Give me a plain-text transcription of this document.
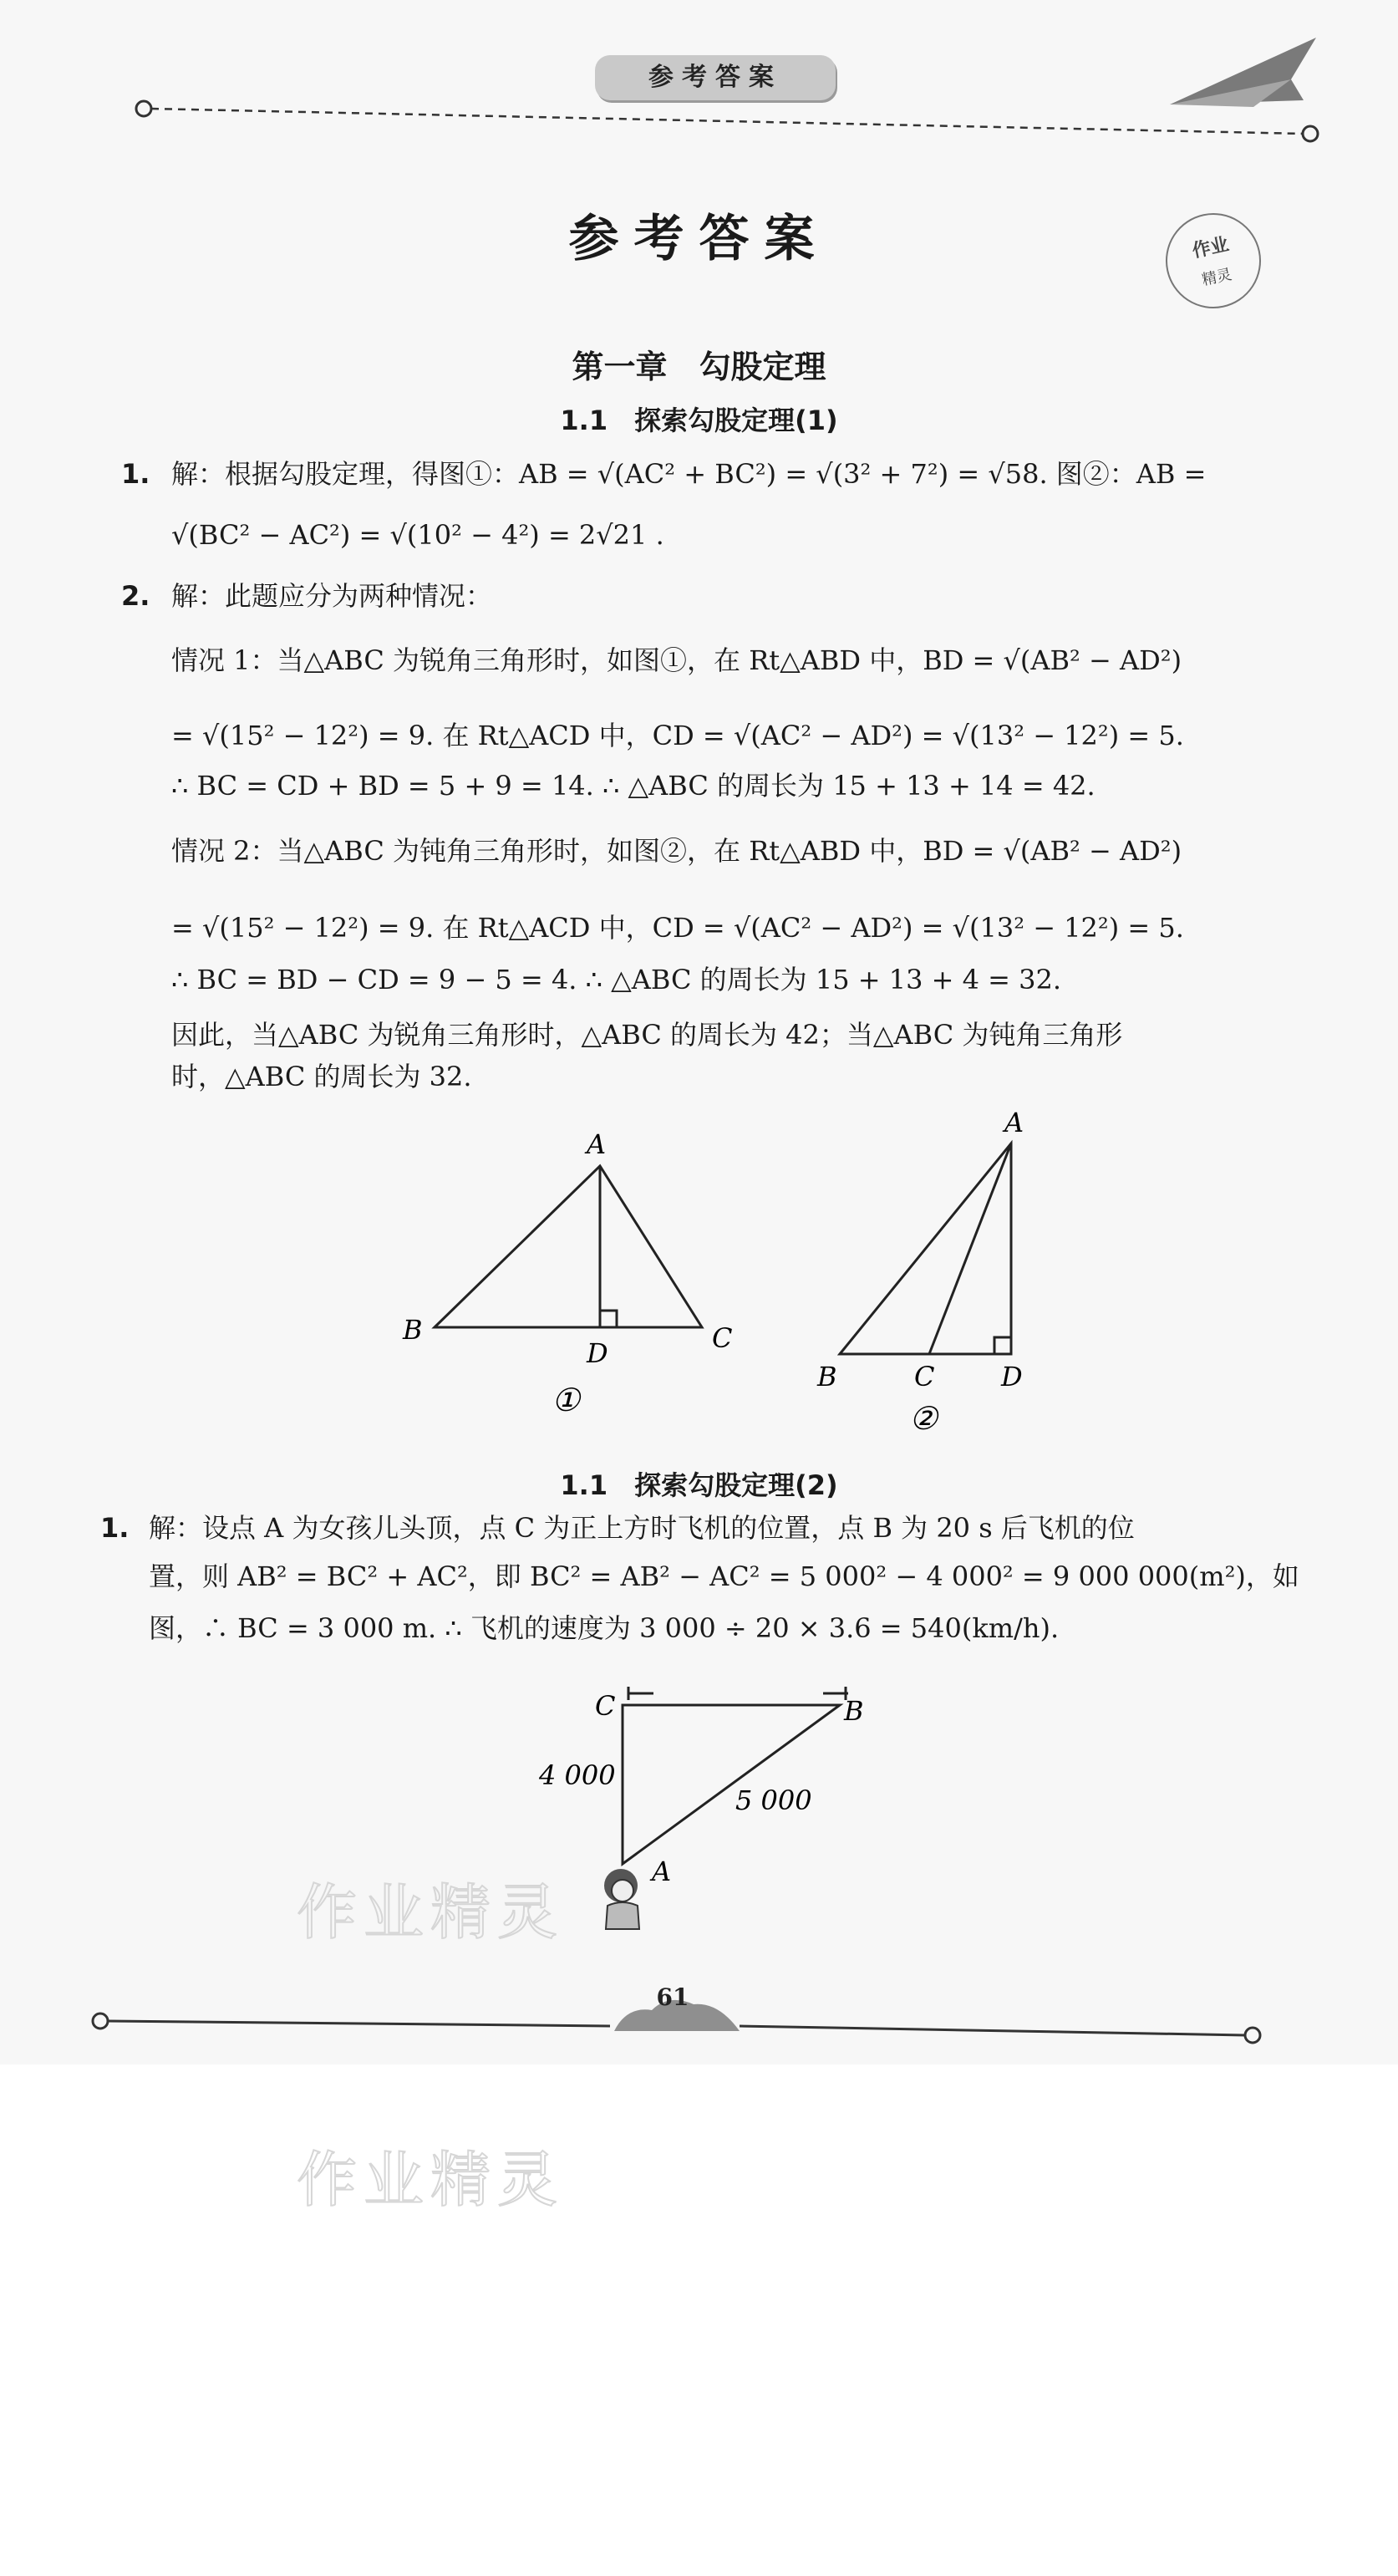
参考答案
参考答案	作业
精灵
第一章　勾股定理
1.1　探索勾股定理(1)
1. 解：根据勾股定理，得图①：AB = √(AC² + BC²) = √(3² + 7²) = √58. 图②：AB =
√(BC² − AC²) = √(10² − 4²) = 2√21 .
2. 解：此题应分为两种情况：
情况 1：当△ABC 为锐角三角形时，如图①，在 Rt△ABD 中，BD = √(AB² − AD²)
= √(15² − 12²) = 9. 在 Rt△ACD 中，CD = √(AC² − AD²) = √(13² − 12²) = 5.
∴ BC = CD + BD = 5 + 9 = 14. ∴ △ABC 的周长为 15 + 13 + 14 = 42.
情况 2：当△ABC 为钝角三角形时，如图②，在 Rt△ABD 中，BD = √(AB² − AD²)
= √(15² − 12²) = 9. 在 Rt△ACD 中，CD = √(AC² − AD²) = √(13² − 12²) = 5.
∴ BC = BD − CD = 9 − 5 = 4. ∴ △ABC 的周长为 15 + 13 + 4 = 32.
因此，当△ABC 为锐角三角形时，△ABC 的周长为 42；当△ABC 为钝角三角形
时，△ABC 的周长为 32.
A
B	C
D
①
A
B	C D
②
1.1　探索勾股定理(2)
1. 解：设点 A 为女孩儿头顶，点 C 为正上方时飞机的位置，点 B 为 20 s 后飞机的位
置，则 AB² = BC² + AC²，即 BC² = AB² − AC² = 5 000² − 4 000² = 9 000 000(m²)，如
图，∴ BC = 3 000 m. ∴ 飞机的速度为 3 000 ÷ 20 × 3.6 = 540(km/h).
C	B
A
4 000
5 000
作业精灵
61
作业精灵
